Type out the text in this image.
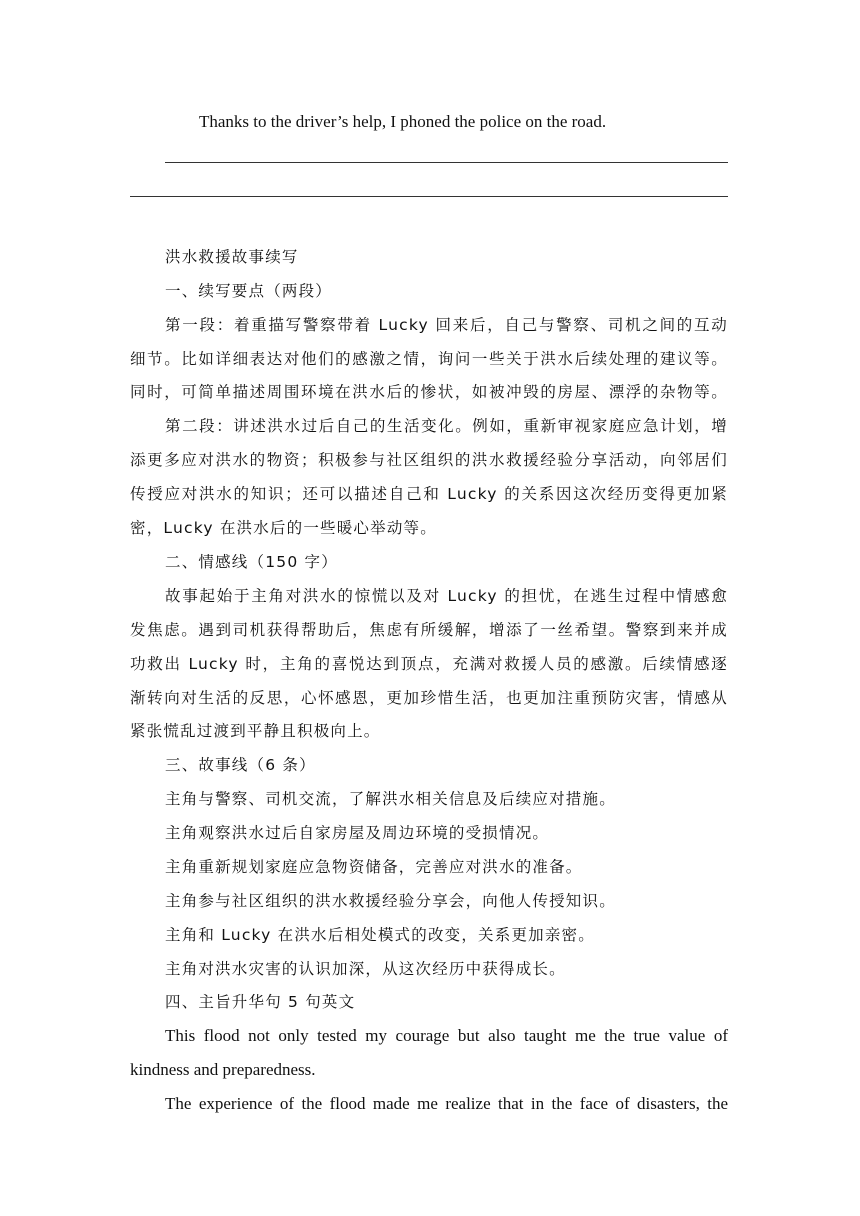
Thanks to the driver’s help, I phoned the police on the road.
洪水救援故事续写
一、续写要点（两段）
第一段：着重描写警察带着 Lucky 回来后，自己与警察、司机之间的互动
细节。比如详细表达对他们的感激之情，询问一些关于洪水后续处理的建议等。
同时，可简单描述周围环境在洪水后的惨状，如被冲毁的房屋、漂浮的杂物等。
第二段：讲述洪水过后自己的生活变化。例如，重新审视家庭应急计划，增
添更多应对洪水的物资；积极参与社区组织的洪水救援经验分享活动，向邻居们
传授应对洪水的知识；还可以描述自己和 Lucky 的关系因这次经历变得更加紧
密，Lucky 在洪水后的一些暖心举动等。
二、情感线（150 字）
故事起始于主角对洪水的惊慌以及对 Lucky 的担忧，在逃生过程中情感愈
发焦虑。遇到司机获得帮助后，焦虑有所缓解，增添了一丝希望。警察到来并成
功救出 Lucky 时，主角的喜悦达到顶点，充满对救援人员的感激。后续情感逐
渐转向对生活的反思，心怀感恩，更加珍惜生活，也更加注重预防灾害，情感从
紧张慌乱过渡到平静且积极向上。
三、故事线（6 条）
主角与警察、司机交流，了解洪水相关信息及后续应对措施。
主角观察洪水过后自家房屋及周边环境的受损情况。
主角重新规划家庭应急物资储备，完善应对洪水的准备。
主角参与社区组织的洪水救援经验分享会，向他人传授知识。
主角和 Lucky 在洪水后相处模式的改变，关系更加亲密。
主角对洪水灾害的认识加深，从这次经历中获得成长。
四、主旨升华句 5 句英文
This flood not only tested my courage but also taught me the true value of
kindness and preparedness.
The experience of the flood made me realize that in the face of disasters, the
